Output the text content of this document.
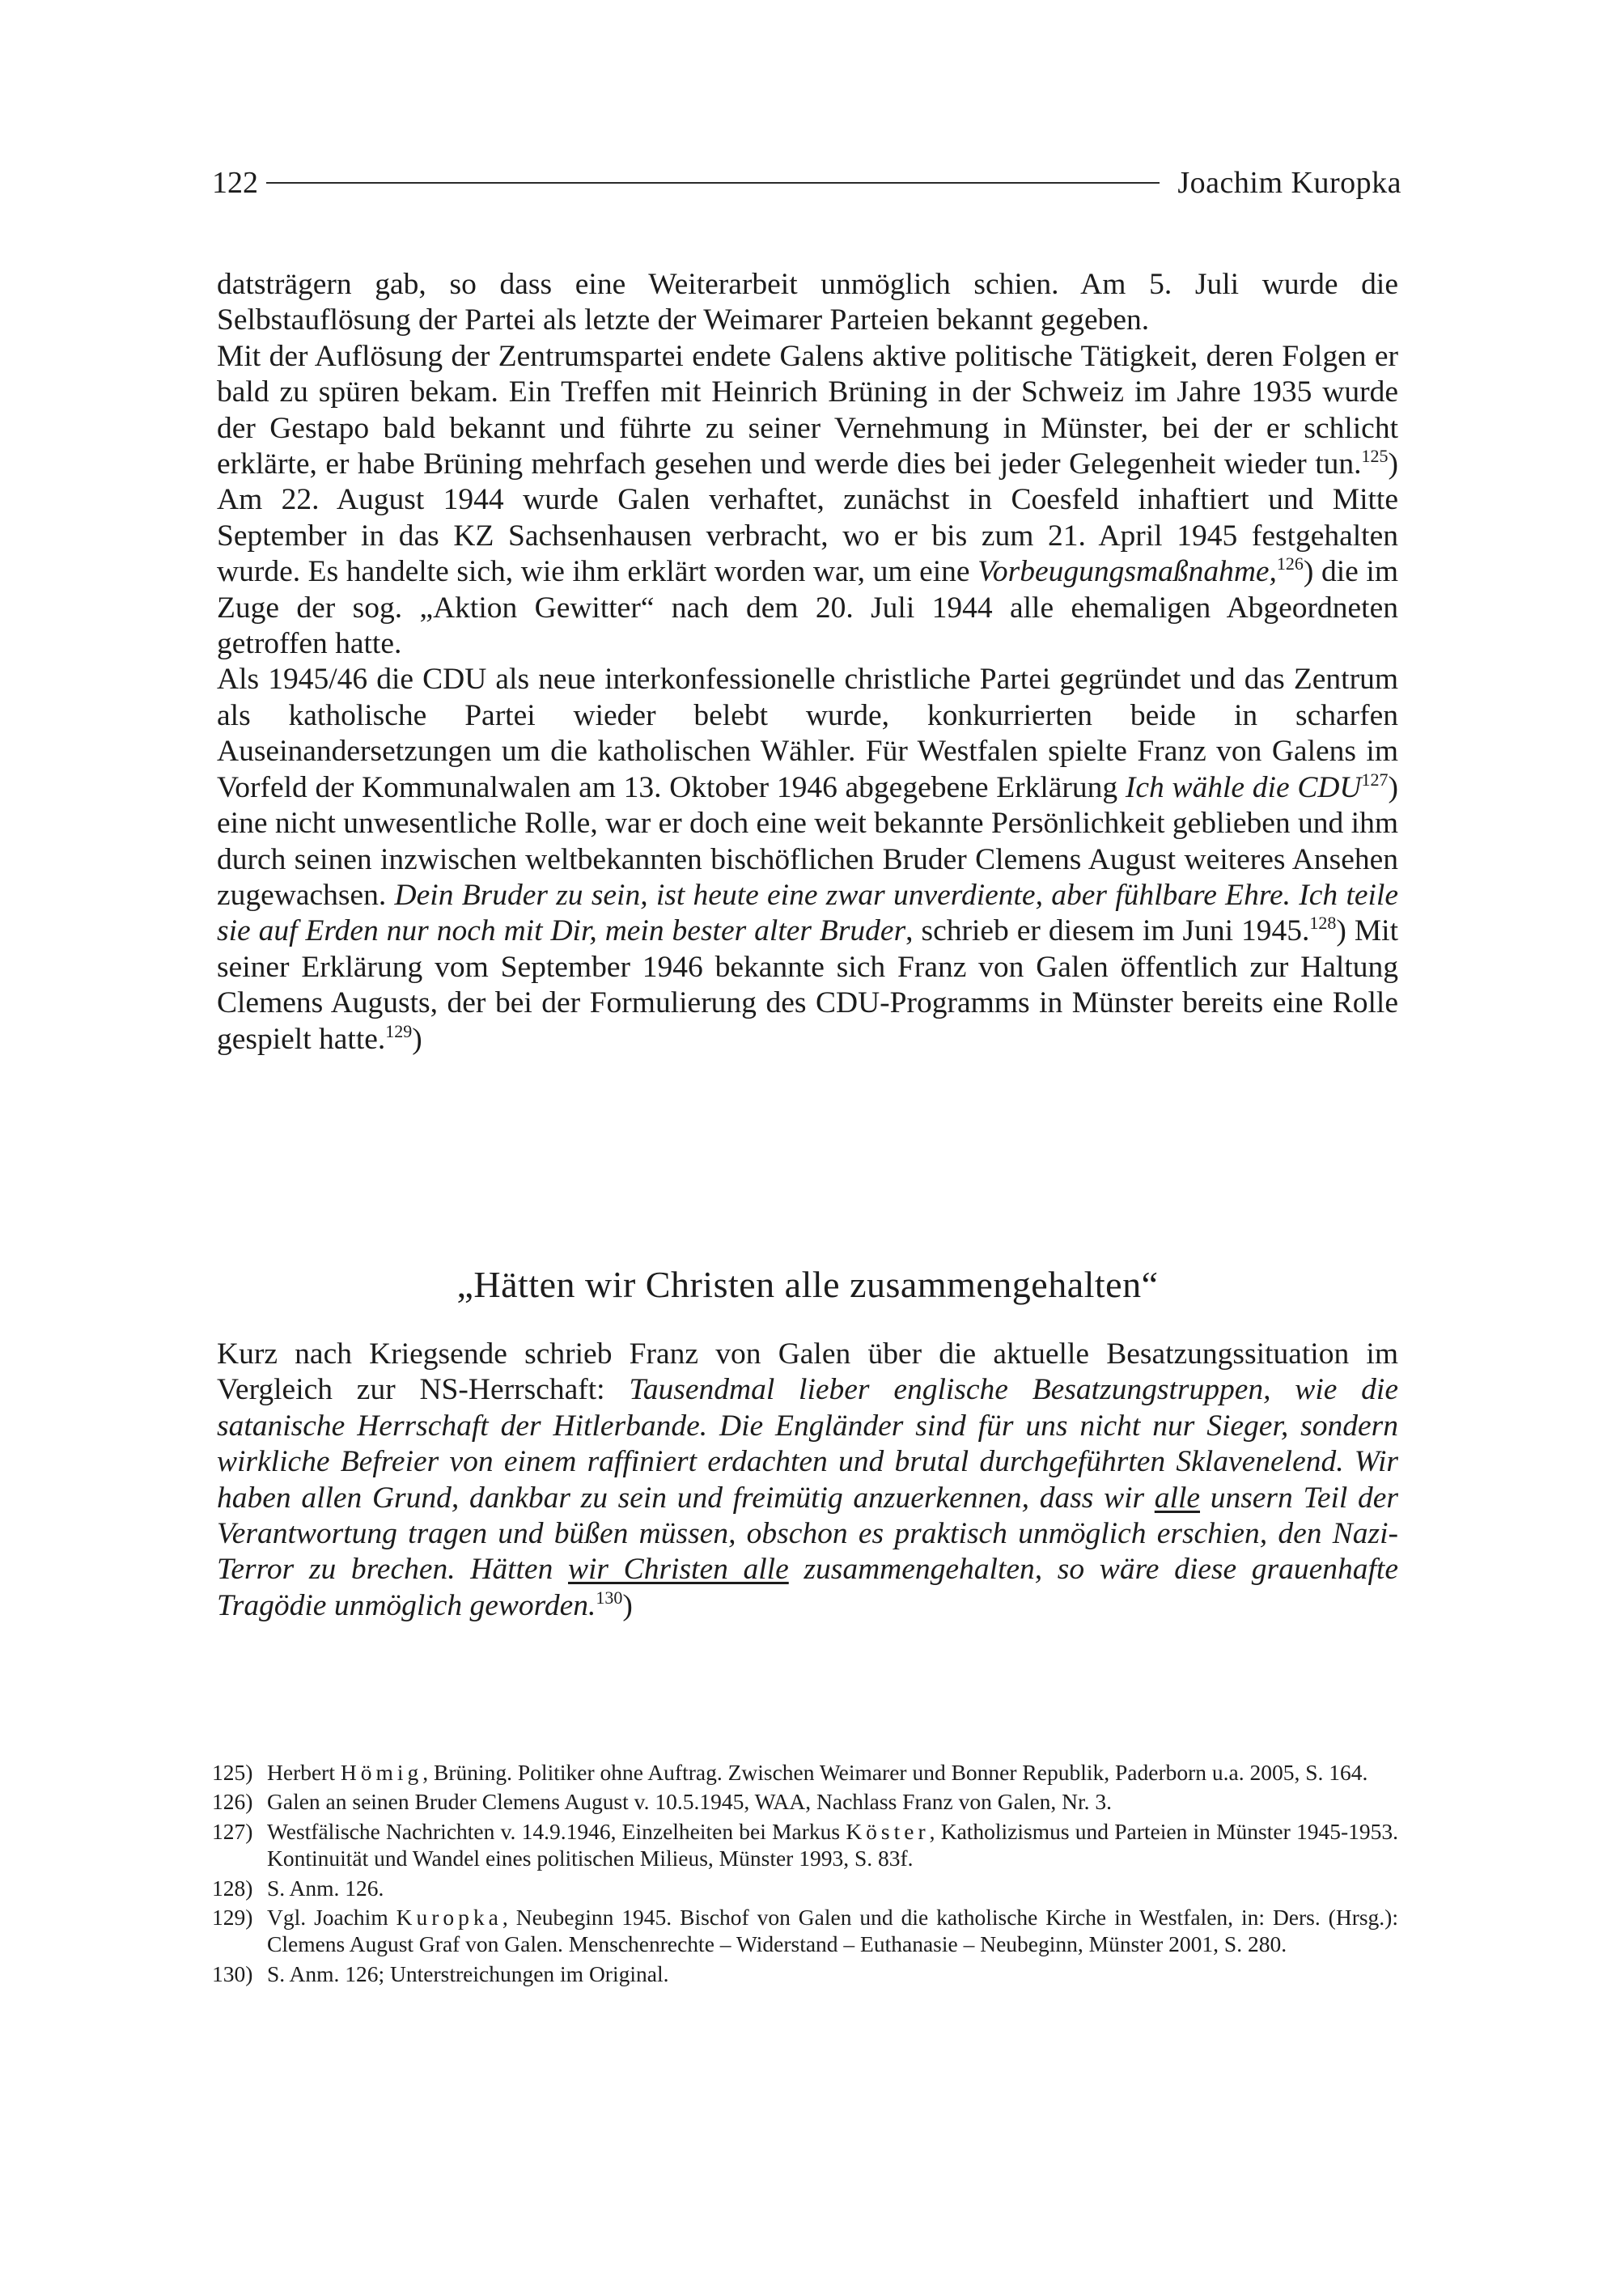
122	Joachim Kuropka

datsträgern gab, so dass eine Weiterarbeit unmöglich schien. Am 5. Juli wurde die Selbstauflösung der Partei als letzte der Weimarer Parteien bekannt gegeben.

Mit der Auflösung der Zentrumspartei endete Galens aktive politische Tätigkeit, deren Folgen er bald zu spüren bekam. Ein Treffen mit Heinrich Brüning in der Schweiz im Jahre 1935 wurde der Gestapo bald bekannt und führte zu seiner Vernehmung in Münster, bei der er schlicht erklärte, er habe Brüning mehrfach gesehen und werde dies bei jeder Gelegenheit wieder tun.$^{125}$) Am 22. August 1944 wurde Galen verhaftet, zunächst in Coesfeld inhaftiert und Mitte September in das KZ Sachsenhausen verbracht, wo er bis zum 21. April 1945 festgehalten wurde. Es handelte sich, wie ihm erklärt worden war, um eine Vorbeugungsmaßnahme,$^{126}$) die im Zuge der sog. „Aktion Gewitter“ nach dem 20. Juli 1944 alle ehemaligen Abgeordneten getroffen hatte.

Als 1945/46 die CDU als neue interkonfessionelle christliche Partei gegründet und das Zentrum als katholische Partei wieder belebt wurde, konkurrierten beide in scharfen Auseinandersetzungen um die katholischen Wähler. Für Westfalen spielte Franz von Galens im Vorfeld der Kommunalwalen am 13. Oktober 1946 abgegebene Erklärung Ich wähle die CDU$^{127}$) eine nicht unwesentliche Rolle, war er doch eine weit bekannte Persönlichkeit geblieben und ihm durch seinen inzwischen weltbekannten bischöflichen Bruder Clemens August weiteres Ansehen zugewachsen. Dein Bruder zu sein, ist heute eine zwar unverdiente, aber fühlbare Ehre. Ich teile sie auf Erden nur noch mit Dir, mein bester alter Bruder, schrieb er diesem im Juni 1945.$^{128}$) Mit seiner Erklärung vom September 1946 bekannte sich Franz von Galen öffentlich zur Haltung Clemens Augusts, der bei der Formulierung des CDU-Programms in Münster bereits eine Rolle gespielt hatte.$^{129}$)

„Hätten wir Christen alle zusammengehalten“

Kurz nach Kriegsende schrieb Franz von Galen über die aktuelle Besatzungssituation im Vergleich zur NS-Herrschaft: Tausendmal lieber englische Besatzungstruppen, wie die satanische Herrschaft der Hitlerbande. Die Engländer sind für uns nicht nur Sieger, sondern wirkliche Befreier von einem raffiniert erdachten und brutal durchgeführten Sklavenelend. Wir haben allen Grund, dankbar zu sein und freimütig anzuerkennen, dass wir alle unsern Teil der Verantwortung tragen und büßen müssen, obschon es praktisch unmöglich erschien, den Nazi-Terror zu brechen. Hätten wir Christen alle zusammengehalten, so wäre diese grauenhafte Tragödie unmöglich geworden.$^{130}$)

125) Herbert Hömig, Brüning. Politiker ohne Auftrag. Zwischen Weimarer und Bonner Republik, Paderborn u.a. 2005, S. 164.
126) Galen an seinen Bruder Clemens August v. 10.5.1945, WAA, Nachlass Franz von Galen, Nr. 3.
127) Westfälische Nachrichten v. 14.9.1946, Einzelheiten bei Markus Köster, Katholizismus und Parteien in Münster 1945-1953. Kontinuität und Wandel eines politischen Milieus, Münster 1993, S. 83f.
128) S. Anm. 126.
129) Vgl. Joachim Kuropka, Neubeginn 1945. Bischof von Galen und die katholische Kirche in Westfalen, in: Ders. (Hrsg.): Clemens August Graf von Galen. Menschenrechte – Widerstand – Euthanasie – Neubeginn, Münster 2001, S. 280.
130) S. Anm. 126; Unterstreichungen im Original.
